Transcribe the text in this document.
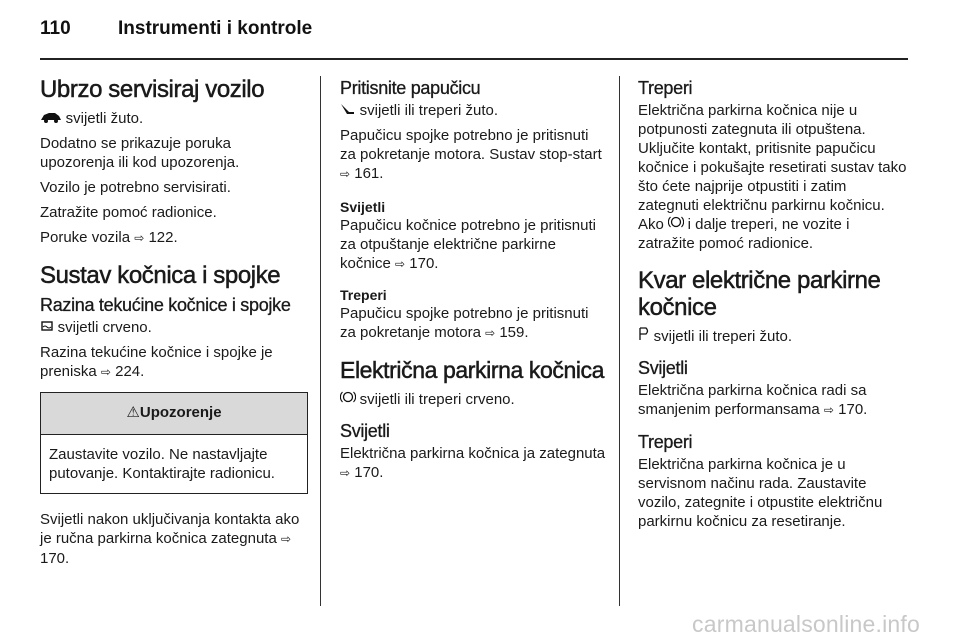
110 Instrumenti i kontrole
Ubrzo servisiraj vozilo

svijetli žuto.

Dodatno se prikazuje poruka upozorenja ili kod upozorenja.

Vozilo je potrebno servisirati.

Zatražite pomoć radionice.

Poruke vozila ⇨ 122.

Sustav kočnica i spojke
Razina tekućine kočnice i spojke

svijetli crveno.

Razina tekućine kočnice i spojke je preniska ⇨ 224.

⚠Upozorenje
Zaustavite vozilo. Ne nastavljajte putovanje. Kontaktirajte radionicu.

Svijetli nakon uključivanja kontakta ako je ručna parkirna kočnica zategnuta ⇨ 170.

Pritisnite papučicu

svijetli ili treperi žuto.

Papučicu spojke potrebno je pritisnuti za pokretanje motora. Sustav stop-start ⇨ 161.

Svijetli

Papučicu kočnice potrebno je pritisnuti za otpuštanje električne parkirne kočnice ⇨ 170.

Treperi

Papučicu spojke potrebno je pritisnuti za pokretanje motora ⇨ 159.

Električna parkirna kočnica

svijetli ili treperi crveno.

Svijetli

Električna parkirna kočnica ja zategnuta ⇨ 170.

Treperi

Električna parkirna kočnica nije u potpunosti zategnuta ili otpuštena. Uključite kontakt, pritisnite papučicu kočnice i pokušajte resetirati sustav tako što ćete najprije otpustiti i zatim zategnuti električnu parkirnu kočnicu. Ako i dalje treperi, ne vozite i zatražite pomoć radionice.

Kvar električne parkirne kočnice

svijetli ili treperi žuto.

Svijetli

Električna parkirna kočnica radi sa smanjenim performansama ⇨ 170.

Treperi

Električna parkirna kočnica je u servisnom načinu rada. Zaustavite vozilo, zategnite i otpustite električnu parkirnu kočnicu za resetiranje.

carmanualsonline.info
